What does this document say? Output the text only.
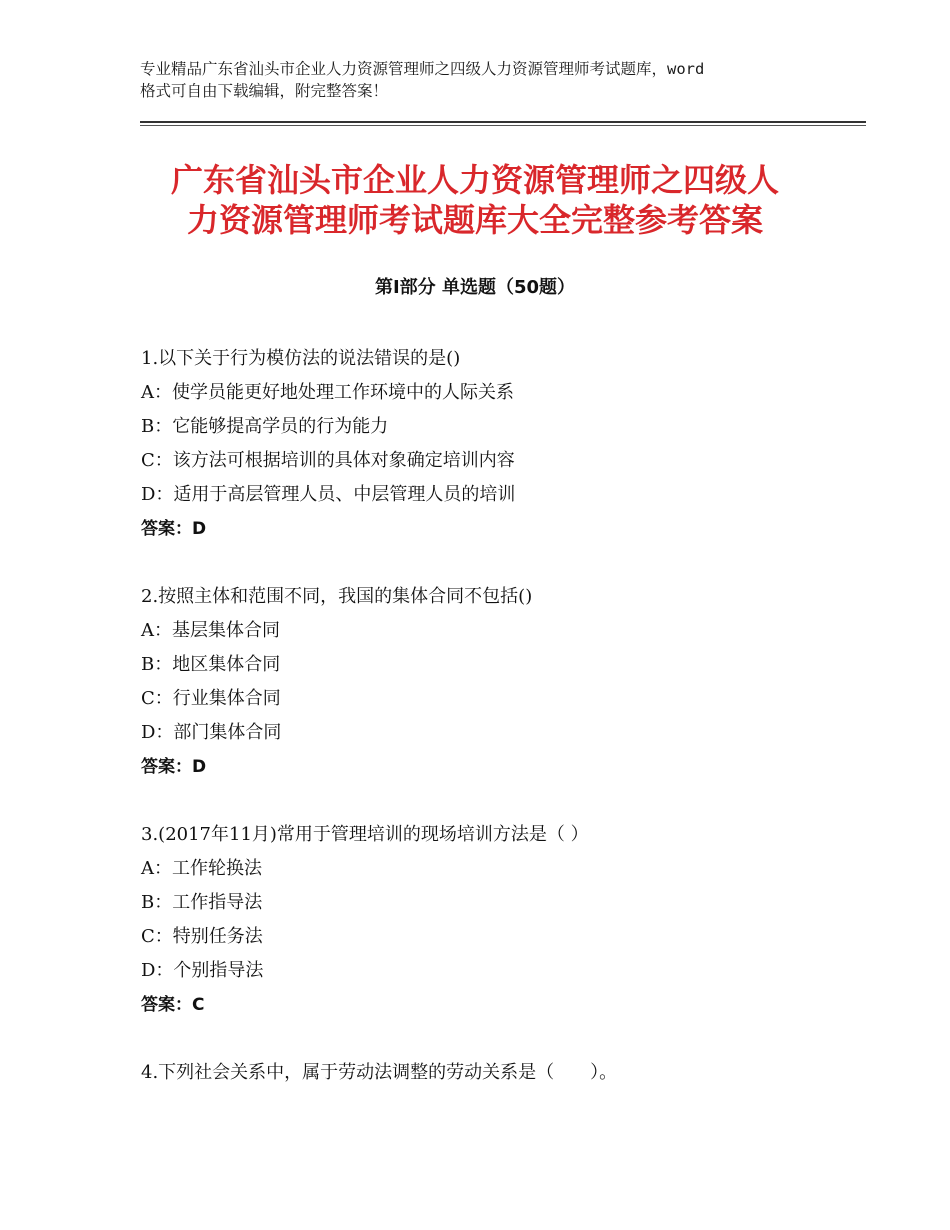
专业精品广东省汕头市企业人力资源管理师之四级人力资源管理师考试题库，word
格式可自由下载编辑，附完整答案！
广东省汕头市企业人力资源管理师之四级人
力资源管理师考试题库大全完整参考答案
第Ⅰ部分 单选题（50题）
1.以下关于行为模仿法的说法错误的是()
A：使学员能更好地处理工作环境中的人际关系
B：它能够提高学员的行为能力
C：该方法可根据培训的具体对象确定培训内容
D：适用于高层管理人员、中层管理人员的培训
答案：D
2.按照主体和范围不同，我国的集体合同不包括()
A：基层集体合同
B：地区集体合同
C：行业集体合同
D：部门集体合同
答案：D
3.(2017年11月)常用于管理培训的现场培训方法是（ ）
A：工作轮换法
B：工作指导法
C：特别任务法
D：个别指导法
答案：C
4.下列社会关系中，属于劳动法调整的劳动关系是（　　）。
